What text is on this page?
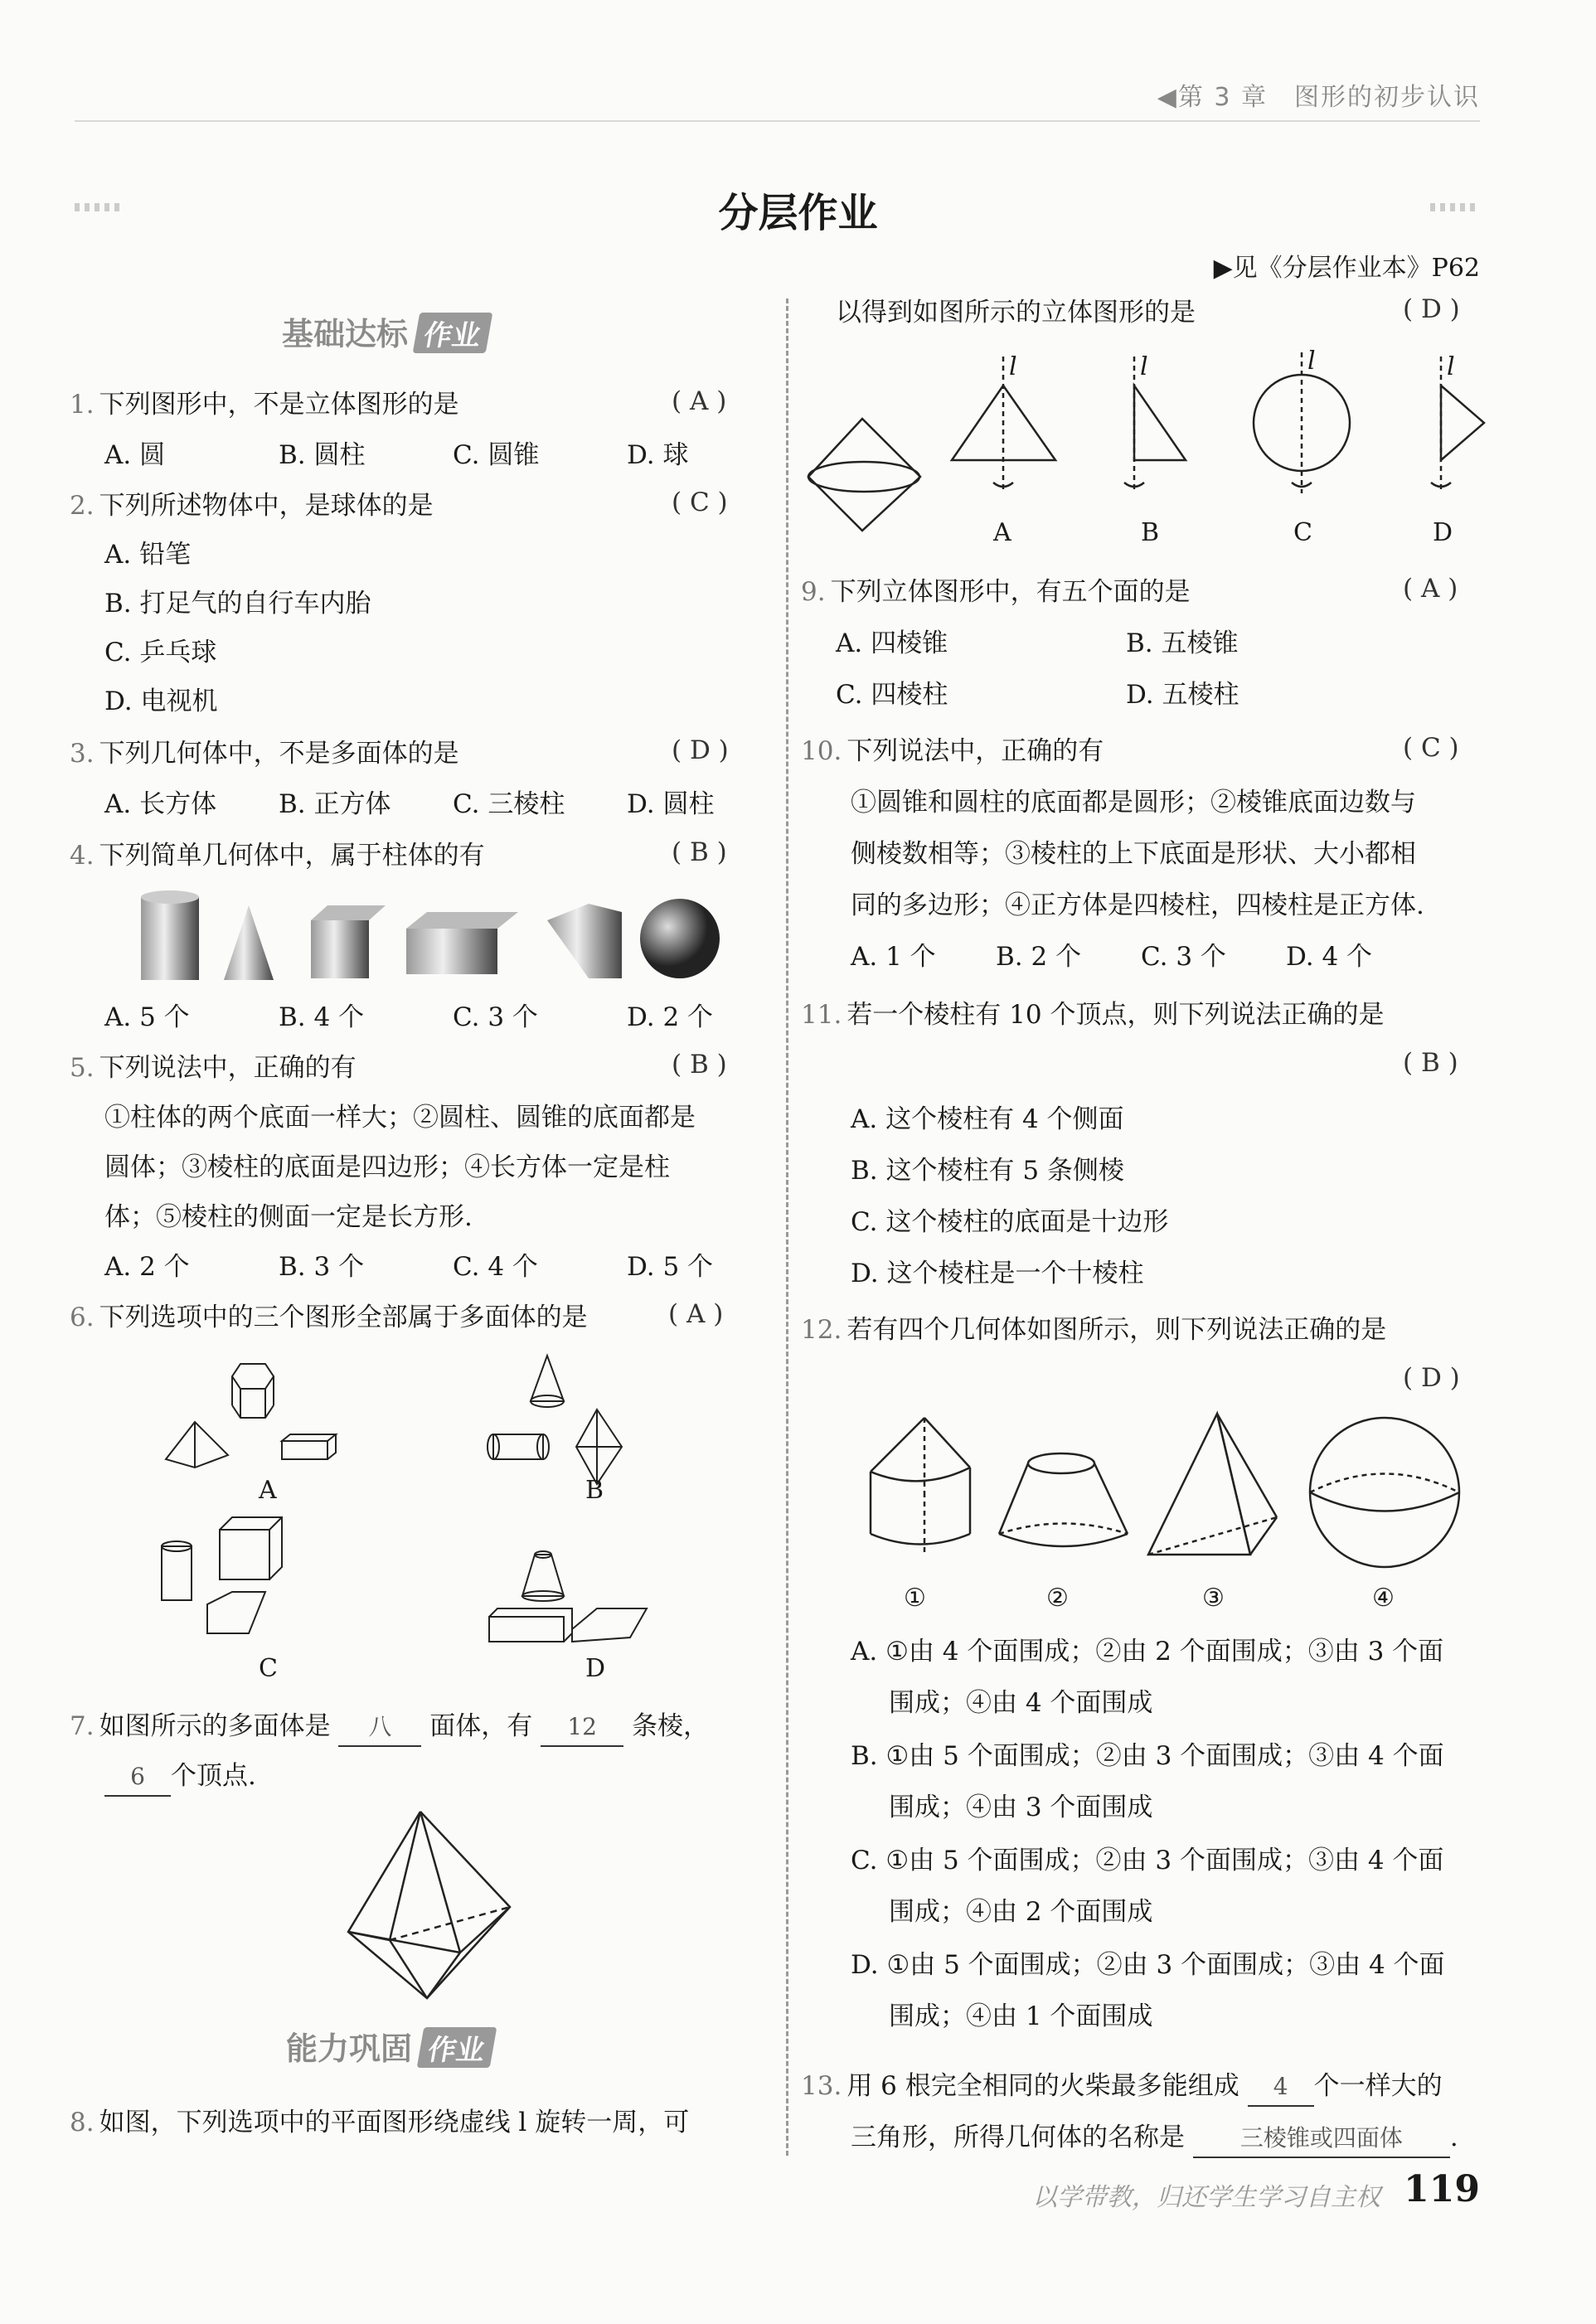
◀第 3 章　图形的初步认识
分层作业
▶见《分层作业本》P62
基础达标 作业
1. 下列图形中，不是立体图形的是	( A )
A. 圆	B. 圆柱	C. 圆锥	D. 球
2. 下列所述物体中，是球体的是	( C )
A. 铅笔
B. 打足气的自行车内胎
C. 乒乓球
D. 电视机
3. 下列几何体中，不是多面体的是	( D )
A. 长方体	B. 正方体	C. 三棱柱	D. 圆柱
4. 下列简单几何体中，属于柱体的有	( B )
A. 5 个	B. 4 个	C. 3 个	D. 2 个
5. 下列说法中，正确的有	( B )
①柱体的两个底面一样大；②圆柱、圆锥的底面都是
圆体；③棱柱的底面是四边形；④长方体一定是柱
体；⑤棱柱的侧面一定是长方形.
A. 2 个	B. 3 个	C. 4 个	D. 5 个
6. 下列选项中的三个图形全部属于多面体的是	( A )
A	B
C	D
7. 如图所示的多面体是 八 面体，有 12 条棱，
6 个顶点.
能力巩固 作业
8. 如图，下列选项中的平面图形绕虚线 l 旋转一周，可
以得到如图所示的立体图形的是	( D )
l	l	l	l
A	B	C	D
9. 下列立体图形中，有五个面的是	( A )
A. 四棱锥	B. 五棱锥
C. 四棱柱	D. 五棱柱
10. 下列说法中，正确的有	( C )
①圆锥和圆柱的底面都是圆形；②棱锥底面边数与
侧棱数相等；③棱柱的上下底面是形状、大小都相
同的多边形；④正方体是四棱柱，四棱柱是正方体.
A. 1 个	B. 2 个	C. 3 个	D. 4 个
11. 若一个棱柱有 10 个顶点，则下列说法正确的是
( B )
A. 这个棱柱有 4 个侧面
B. 这个棱柱有 5 条侧棱
C. 这个棱柱的底面是十边形
D. 这个棱柱是一个十棱柱
12. 若有四个几何体如图所示，则下列说法正确的是
( D )
①	②	③	④
A. ①由 4 个面围成；②由 2 个面围成；③由 3 个面
围成；④由 4 个面围成
B. ①由 5 个面围成；②由 3 个面围成；③由 4 个面
围成；④由 3 个面围成
C. ①由 5 个面围成；②由 3 个面围成；③由 4 个面
围成；④由 2 个面围成
D. ①由 5 个面围成；②由 3 个面围成；③由 4 个面
围成；④由 1 个面围成
13. 用 6 根完全相同的火柴最多能组成 4 个一样大的
三角形，所得几何体的名称是 三棱锥或四面体 .
以学带教，归还学生学习自主权 119
